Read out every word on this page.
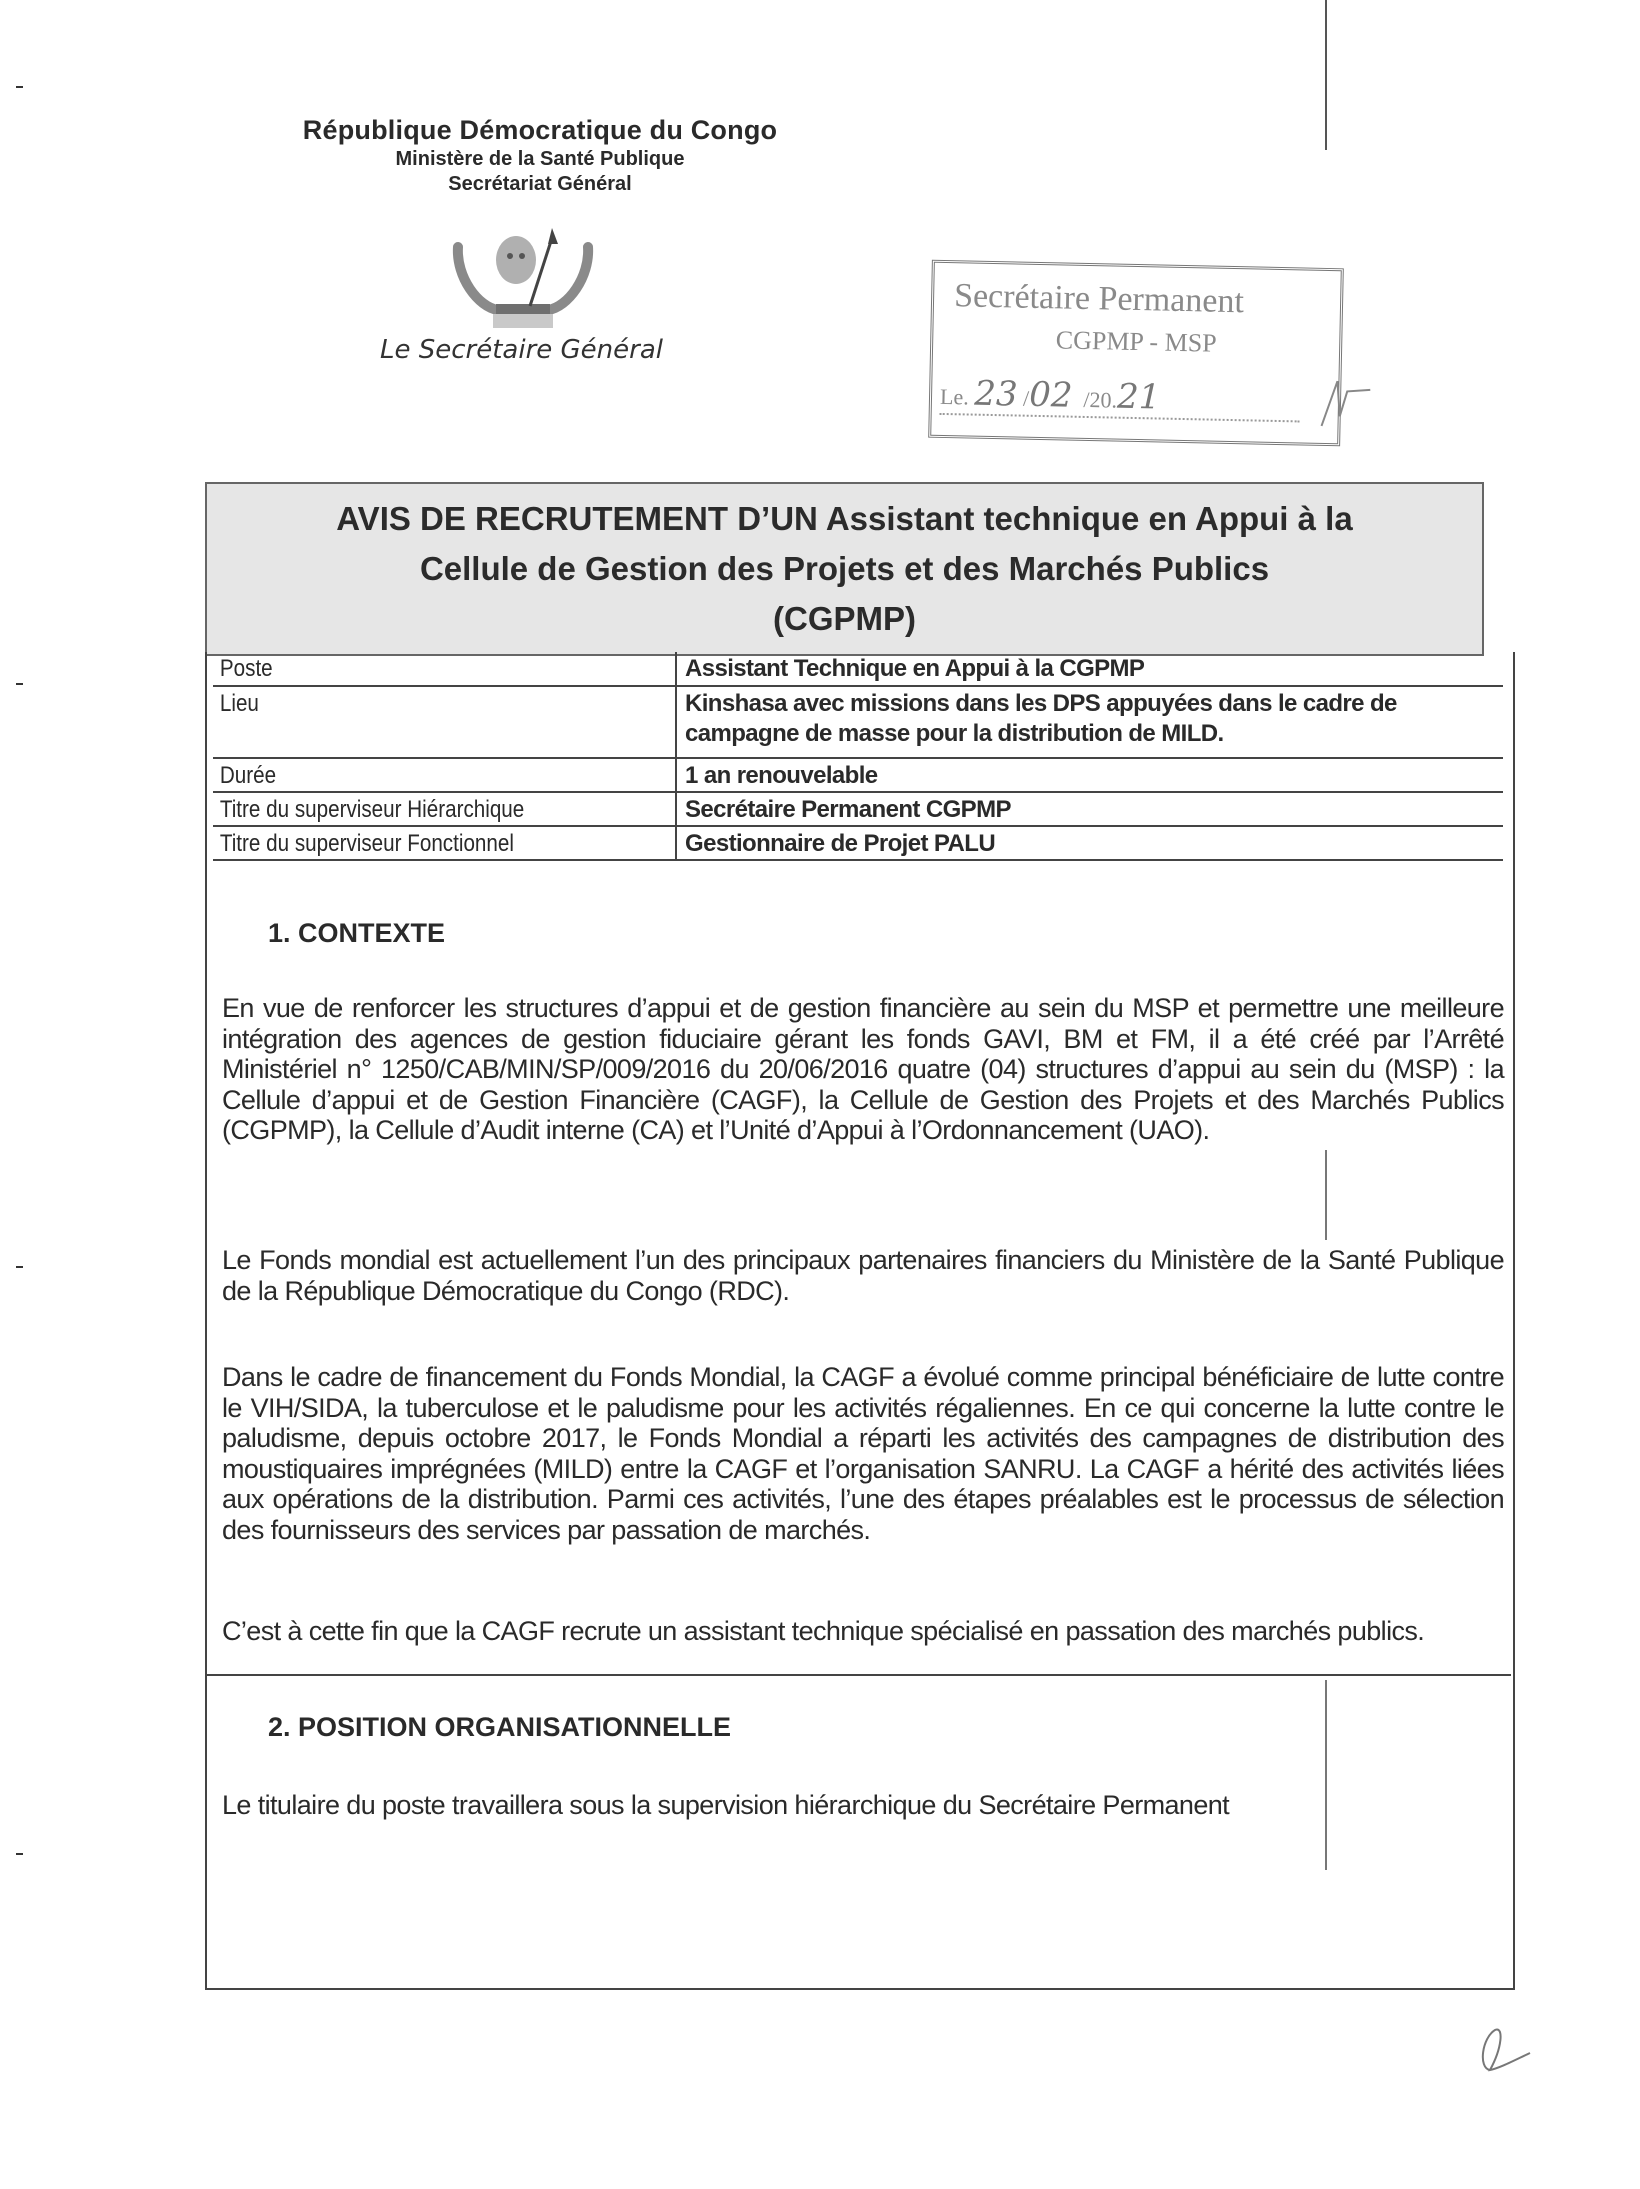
République Démocratique du Congo
Ministère de la Santé Publique
Secrétariat Général
Le Secrétaire Général
Secrétaire Permanent
CGPMP - MSP
Le. 23 /02  /20.21
AVIS DE RECRUTEMENT D’UN Assistant technique en Appui à la
Cellule de Gestion des Projets et des Marchés Publics
(CGPMP)
Poste	Assistant Technique en Appui à la CGPMP
Lieu	Kinshasa avec missions dans les DPS appuyées dans le cadre de campagne de masse pour la distribution de MILD.
Durée	1 an renouvelable
Titre du superviseur Hiérarchique	Secrétaire Permanent CGPMP
Titre du superviseur Fonctionnel	Gestionnaire de Projet PALU
1. CONTEXTE
En vue de renforcer les structures d’appui et de gestion financière au sein du MSP et permettre une meilleure intégration des agences de gestion fiduciaire gérant les fonds GAVI, BM et FM, il a été créé par l’Arrêté Ministériel n° 1250/CAB/MIN/SP/009/2016 du 20/06/2016 quatre (04) structures d’appui au sein du (MSP) : la Cellule d’appui et de Gestion Financière (CAGF), la Cellule de Gestion des Projets et des Marchés Publics (CGPMP), la Cellule d’Audit interne (CA) et l’Unité d’Appui à l’Ordonnancement (UAO).
Le Fonds mondial est actuellement l’un des principaux partenaires financiers du Ministère de la Santé Publique de la République Démocratique du Congo (RDC).
Dans le cadre de financement du Fonds Mondial, la CAGF a évolué comme principal bénéficiaire de lutte contre le VIH/SIDA, la tuberculose et le paludisme pour les activités régaliennes. En ce qui concerne la lutte contre le paludisme, depuis octobre 2017, le Fonds Mondial a réparti les activités des campagnes de distribution des moustiquaires imprégnées (MILD) entre la CAGF et l’organisation SANRU. La CAGF a hérité des activités liées aux opérations de la distribution. Parmi ces activités, l’une des étapes préalables est le processus de sélection des fournisseurs des services par passation de marchés.
C’est à cette fin que la CAGF recrute un assistant technique spécialisé en passation des marchés publics.
2. POSITION ORGANISATIONNELLE
Le titulaire du poste travaillera sous la supervision hiérarchique du Secrétaire Permanent
